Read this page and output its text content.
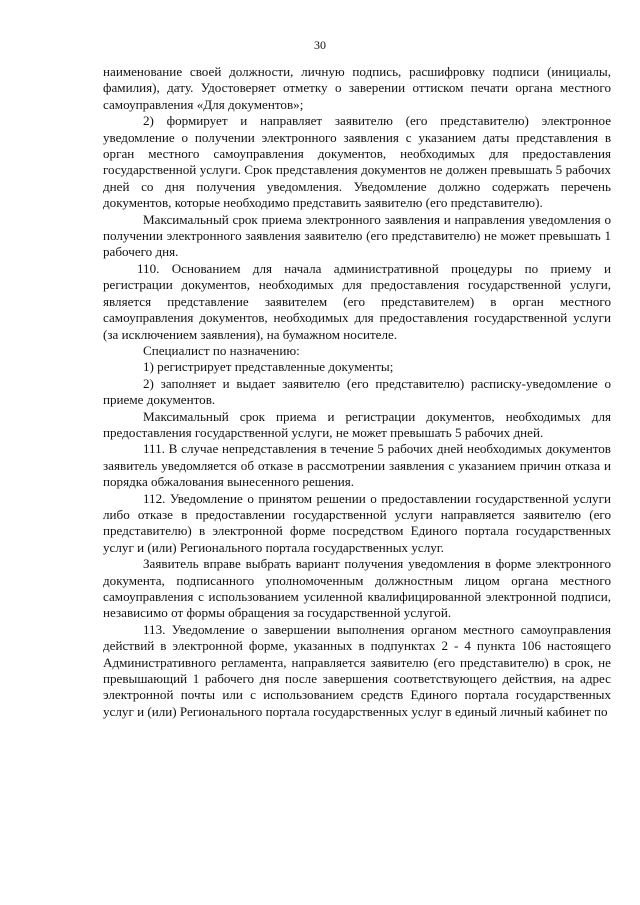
30

наименование своей должности, личную подпись, расшифровку подписи (инициалы, фамилия), дату. Удостоверяет отметку о заверении оттиском печати органа местного самоуправления «Для документов»;

2) формирует и направляет заявителю (его представителю) электронное уведомление о получении электронного заявления с указанием даты представления в орган местного самоуправления документов, необходимых для предоставления государственной услуги. Срок представления документов не должен превышать 5 рабочих дней со дня получения уведомления. Уведомление должно содержать перечень документов, которые необходимо представить заявителю (его представителю).

Максимальный срок приема электронного заявления и направления уведомления о получении электронного заявления заявителю (его представителю) не может превышать 1 рабочего дня.

110. Основанием для начала административной процедуры по приему и регистрации документов, необходимых для предоставления государственной услуги, является представление заявителем (его представителем) в орган местного самоуправления документов, необходимых для предоставления государственной услуги (за исключением заявления), на бумажном носителе.

Специалист по назначению:

1) регистрирует представленные документы;

2) заполняет и выдает заявителю (его представителю) расписку-уведомление о приеме документов.

Максимальный срок приема и регистрации документов, необходимых для предоставления государственной услуги, не может превышать 5 рабочих дней.

111. В случае непредставления в течение 5 рабочих дней необходимых документов заявитель уведомляется об отказе в рассмотрении заявления с указанием причин отказа и порядка обжалования вынесенного решения.

112. Уведомление о принятом решении о предоставлении государственной услуги либо отказе в предоставлении государственной услуги направляется заявителю (его представителю) в электронной форме посредством Единого портала государственных услуг и (или) Регионального портала государственных услуг.

Заявитель вправе выбрать вариант получения уведомления в форме электронного документа, подписанного уполномоченным должностным лицом органа местного самоуправления с использованием усиленной квалифицированной электронной подписи, независимо от формы обращения за государственной услугой.

113. Уведомление о завершении выполнения органом местного самоуправления действий в электронной форме, указанных в подпунктах 2 - 4 пункта 106 настоящего Административного регламента, направляется заявителю (его представителю) в срок, не превышающий 1 рабочего дня после завершения соответствующего действия, на адрес электронной почты или с использованием средств Единого портала государственных услуг и (или) Регионального портала государственных услуг в единый личный кабинет по
